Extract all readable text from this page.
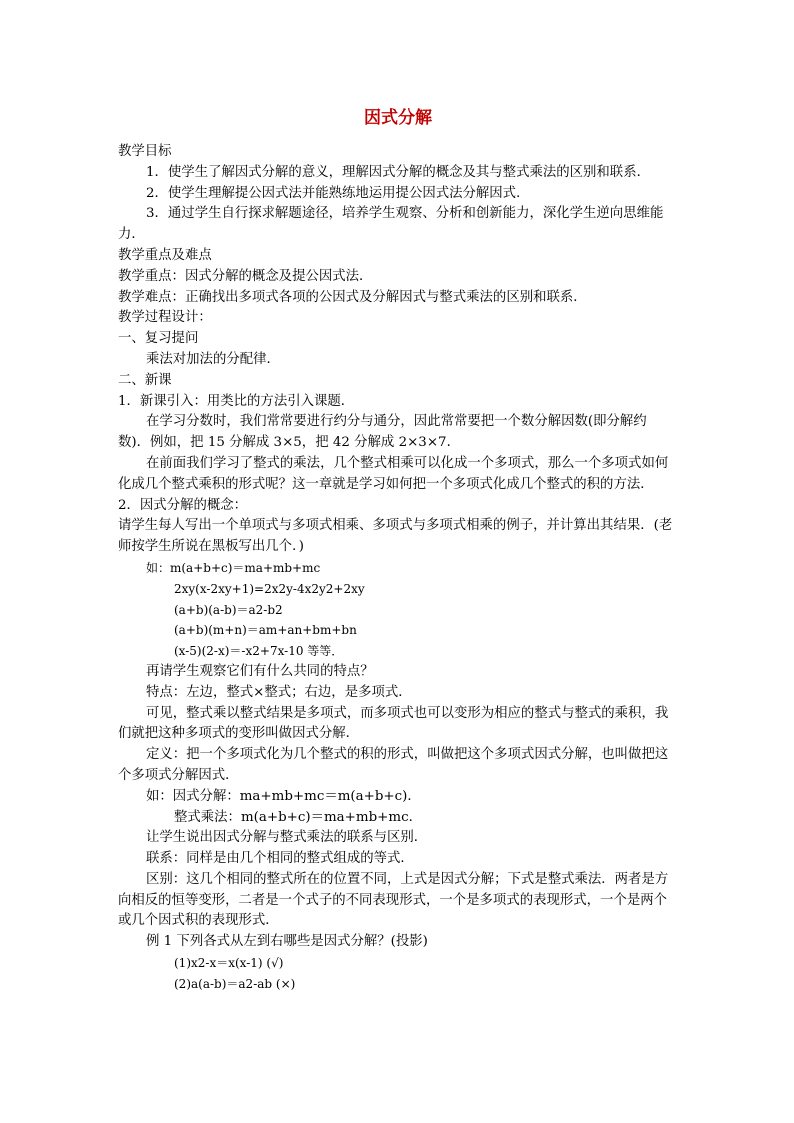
因式分解
教学目标
1．使学生了解因式分解的意义，理解因式分解的概念及其与整式乘法的区别和联系．
2．使学生理解提公因式法并能熟练地运用提公因式法分解因式．
3．通过学生自行探求解题途径，培养学生观察、分析和创新能力，深化学生逆向思维能力．
教学重点及难点
教学重点：因式分解的概念及提公因式法．
教学难点：正确找出多项式各项的公因式及分解因式与整式乘法的区别和联系．
教学过程设计：
一、复习提问
乘法对加法的分配律．
二、新课
1．新课引入：用类比的方法引入课题．
在学习分数时，我们常常要进行约分与通分，因此常常要把一个数分解因数(即分解约数)．例如，把 15 分解成 3×5，把 42 分解成 2×3×7．
在前面我们学习了整式的乘法，几个整式相乘可以化成一个多项式，那么一个多项式如何化成几个整式乘积的形式呢？这一章就是学习如何把一个多项式化成几个整式的积的方法．
2．因式分解的概念：
请学生每人写出一个单项式与多项式相乘、多项式与多项式相乘的例子，并计算出其结果．(老师按学生所说在黑板写出几个．)
如：m(a+b+c)＝ma+mb+mc
2xy(x-2xy+1)=2x2y-4x2y2+2xy
(a+b)(a-b)＝a2-b2
(a+b)(m+n)＝am+an+bm+bn
(x-5)(2-x)＝-x2+7x-10 等等．
再请学生观察它们有什么共同的特点？
特点：左边，整式×整式；右边，是多项式．
可见，整式乘以整式结果是多项式，而多项式也可以变形为相应的整式与整式的乘积，我们就把这种多项式的变形叫做因式分解．
定义：把一个多项式化为几个整式的积的形式，叫做把这个多项式因式分解，也叫做把这个多项式分解因式．
如：因式分解：ma+mb+mc＝m(a+b+c)．
整式乘法：m(a+b+c)＝ma+mb+mc．
让学生说出因式分解与整式乘法的联系与区别．
联系：同样是由几个相同的整式组成的等式．
区别：这几个相同的整式所在的位置不同，上式是因式分解；下式是整式乘法．两者是方向相反的恒等变形，二者是一个式子的不同表现形式，一个是多项式的表现形式，一个是两个或几个因式积的表现形式．
例 1 下列各式从左到右哪些是因式分解？(投影)
(1)x2-x＝x(x-1) (√)
(2)a(a-b)＝a2-ab (×)
